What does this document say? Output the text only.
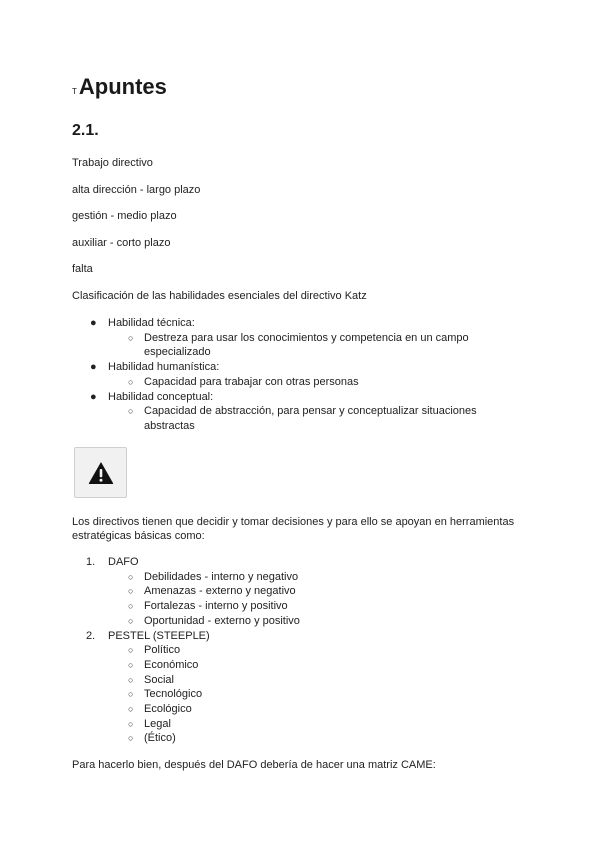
TApuntes
2.1.
Trabajo directivo
alta dirección - largo plazo
gestión - medio plazo
auxiliar - corto plazo
falta
Clasificación de las habilidades esenciales del directivo Katz
● Habilidad técnica:
○ Destreza para usar los conocimientos y competencia en un campo especializado
● Habilidad humanística:
○ Capacidad para trabajar con otras personas
● Habilidad conceptual:
○ Capacidad de abstracción, para pensar y conceptualizar situaciones abstractas
Los directivos tienen que decidir y tomar decisiones y para ello se apoyan en herramientas estratégicas básicas como:
1. DAFO
○ Debilidades - interno y negativo
○ Amenazas - externo y negativo
○ Fortalezas - interno y positivo
○ Oportunidad - externo y positivo
2. PESTEL (STEEPLE)
○ Político
○ Económico
○ Social
○ Tecnológico
○ Ecológico
○ Legal
○ (Ético)
Para hacerlo bien, después del DAFO debería de hacer una matriz CAME:
